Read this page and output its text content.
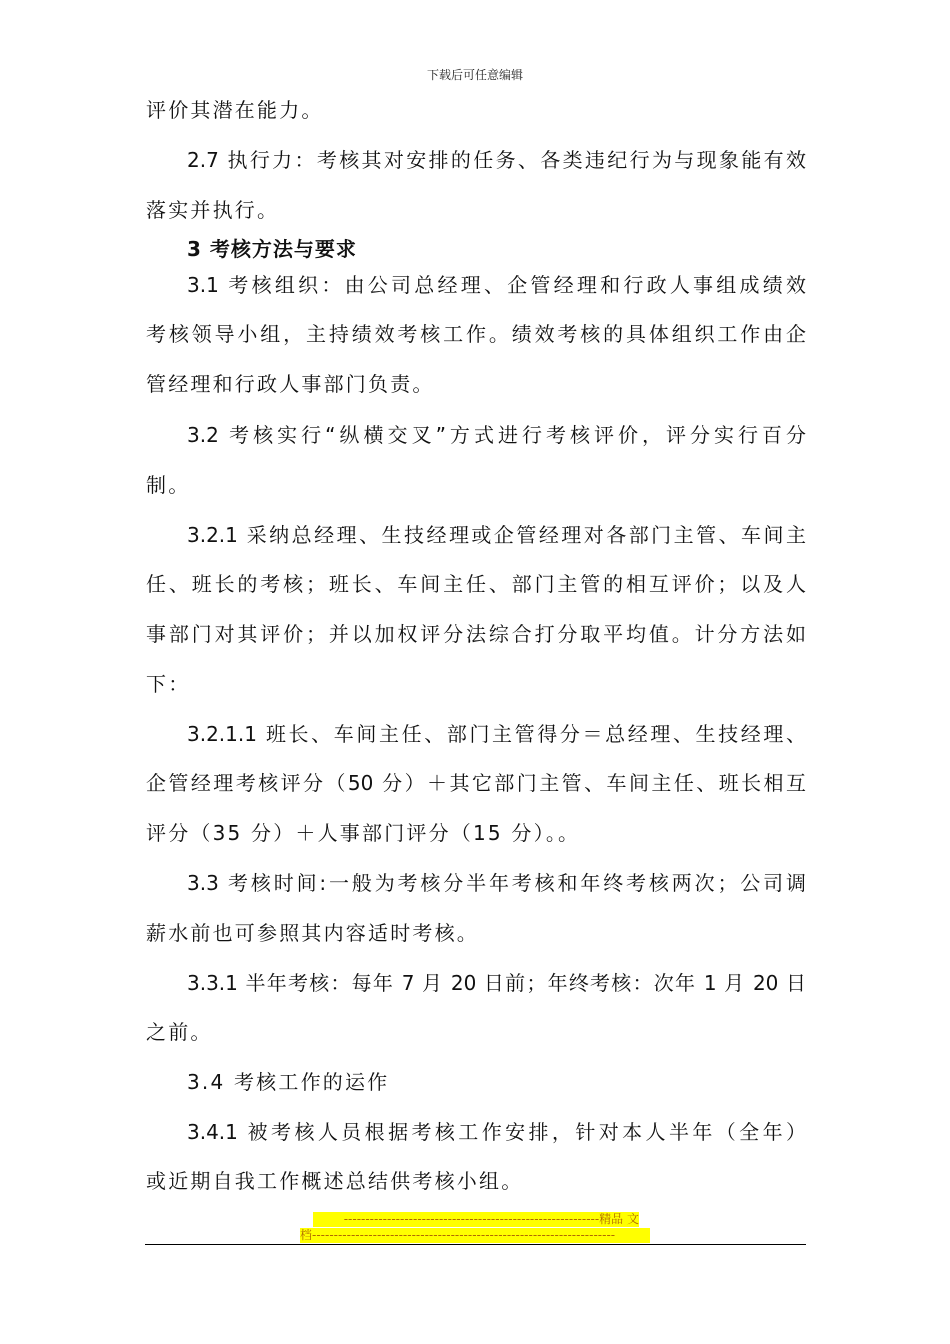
下载后可任意编辑
评价其潜在能力。
2.7 执行力：考核其对安排的任务、各类违纪行为与现象能有效
落实并执行。
3 考核方法与要求
3.1 考核组织：由公司总经理、企管经理和行政人事组成绩效
考核领导小组，主持绩效考核工作。绩效考核的具体组织工作由企
管经理和行政人事部门负责。
3.2 考核实行“纵横交叉”方式进行考核评价，评分实行百分
制。
3.2.1 采纳总经理、生技经理或企管经理对各部门主管、车间主
任、班长的考核；班长、车间主任、部门主管的相互评价；以及人
事部门对其评价；并以加权评分法综合打分取平均值。计分方法如
下：
3.2.1.1 班长、车间主任、部门主管得分＝总经理、生技经理、
企管经理考核评分（50 分）＋其它部门主管、车间主任、班长相互
评分（35 分）＋人事部门评分（15 分）。。
3.3 考核时间:一般为考核分半年考核和年终考核两次；公司调
薪水前也可参照其内容适时考核。
3.3.1 半年考核：每年 7 月 20 日前；年终考核：次年 1 月 20 日
之前。
3.4 考核工作的运作
3.4.1 被考核人员根据考核工作安排，针对本人半年（全年）
或近期自我工作概述总结供考核小组。
-----------------------------------------------------------精品 文
档----------------------------------------------------------------------
